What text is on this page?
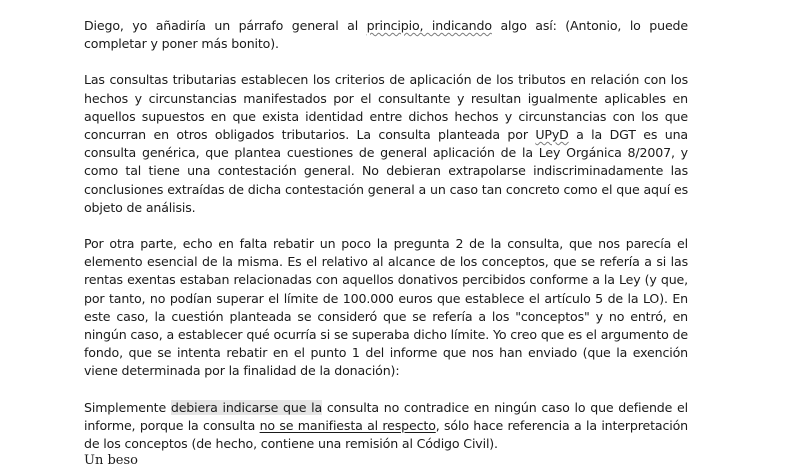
Diego, yo añadiría un párrafo general al principio, indicando algo así: (Antonio, lo puede completar y poner más bonito).

Las consultas tributarias establecen los criterios de aplicación de los tributos en relación con los hechos y circunstancias manifestados por el consultante y resultan igualmente aplicables en aquellos supuestos en que exista identidad entre dichos hechos y circunstancias con los que concurran en otros obligados tributarios. La consulta planteada por UPyD a la DGT es una consulta genérica, que plantea cuestiones de general aplicación de la Ley Orgánica 8/2007, y como tal tiene una contestación general. No debieran extrapolarse indiscriminadamente las conclusiones extraídas de dicha contestación general a un caso tan concreto como el que aquí es objeto de análisis.

Por otra parte, echo en falta rebatir un poco la pregunta 2 de la consulta, que nos parecía el elemento esencial de la misma. Es el relativo al alcance de los conceptos, que se refería a si las rentas exentas estaban relacionadas con aquellos donativos percibidos conforme a la Ley (y que, por tanto, no podían superar el límite de 100.000 euros que establece el artículo 5 de la LO). En este caso, la cuestión planteada se consideró que se refería a los "conceptos" y no entró, en ningún caso, a establecer qué ocurría si se superaba dicho límite. Yo creo que es el argumento de fondo, que se intenta rebatir en el punto 1 del informe que nos han enviado (que la exención viene determinada por la finalidad de la donación):

Simplemente debiera indicarse que la consulta no contradice en ningún caso lo que defiende el informe, porque la consulta no se manifiesta al respecto, sólo hace referencia a la interpretación de los conceptos (de hecho, contiene una remisión al Código Civil).

Un beso
